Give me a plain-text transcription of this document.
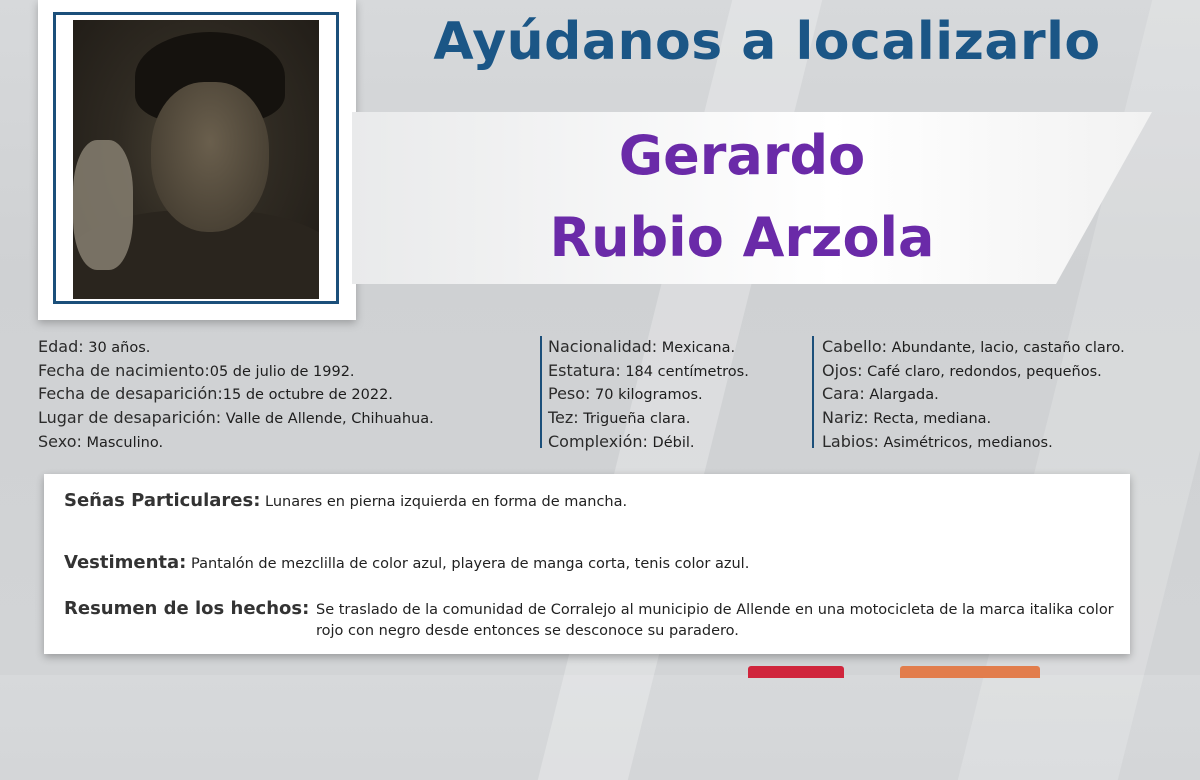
Ayúdanos a localizarlo
Gerardo
Rubio Arzola
Edad: 30 años.
Fecha de nacimiento:05 de julio de 1992.
Fecha de desaparición:15 de octubre de 2022.
Lugar de desaparición: Valle de Allende, Chihuahua.
Sexo: Masculino.
Nacionalidad: Mexicana.
Estatura: 184 centímetros.
Peso: 70 kilogramos.
Tez: Trigueña clara.
Complexión: Débil.
Cabello: Abundante, lacio, castaño claro.
Ojos: Café claro, redondos, pequeños.
Cara: Alargada.
Nariz: Recta, mediana.
Labios: Asimétricos, medianos.
Señas Particulares: Lunares en pierna izquierda en forma de mancha.
Vestimenta: Pantalón de mezclilla de color azul, playera de manga corta, tenis color azul.
Resumen de los hechos: Se traslado de la comunidad de Corralejo al municipio de Allende en una motocicleta de la marca italika color rojo con negro desde entonces se desconoce su paradero.
